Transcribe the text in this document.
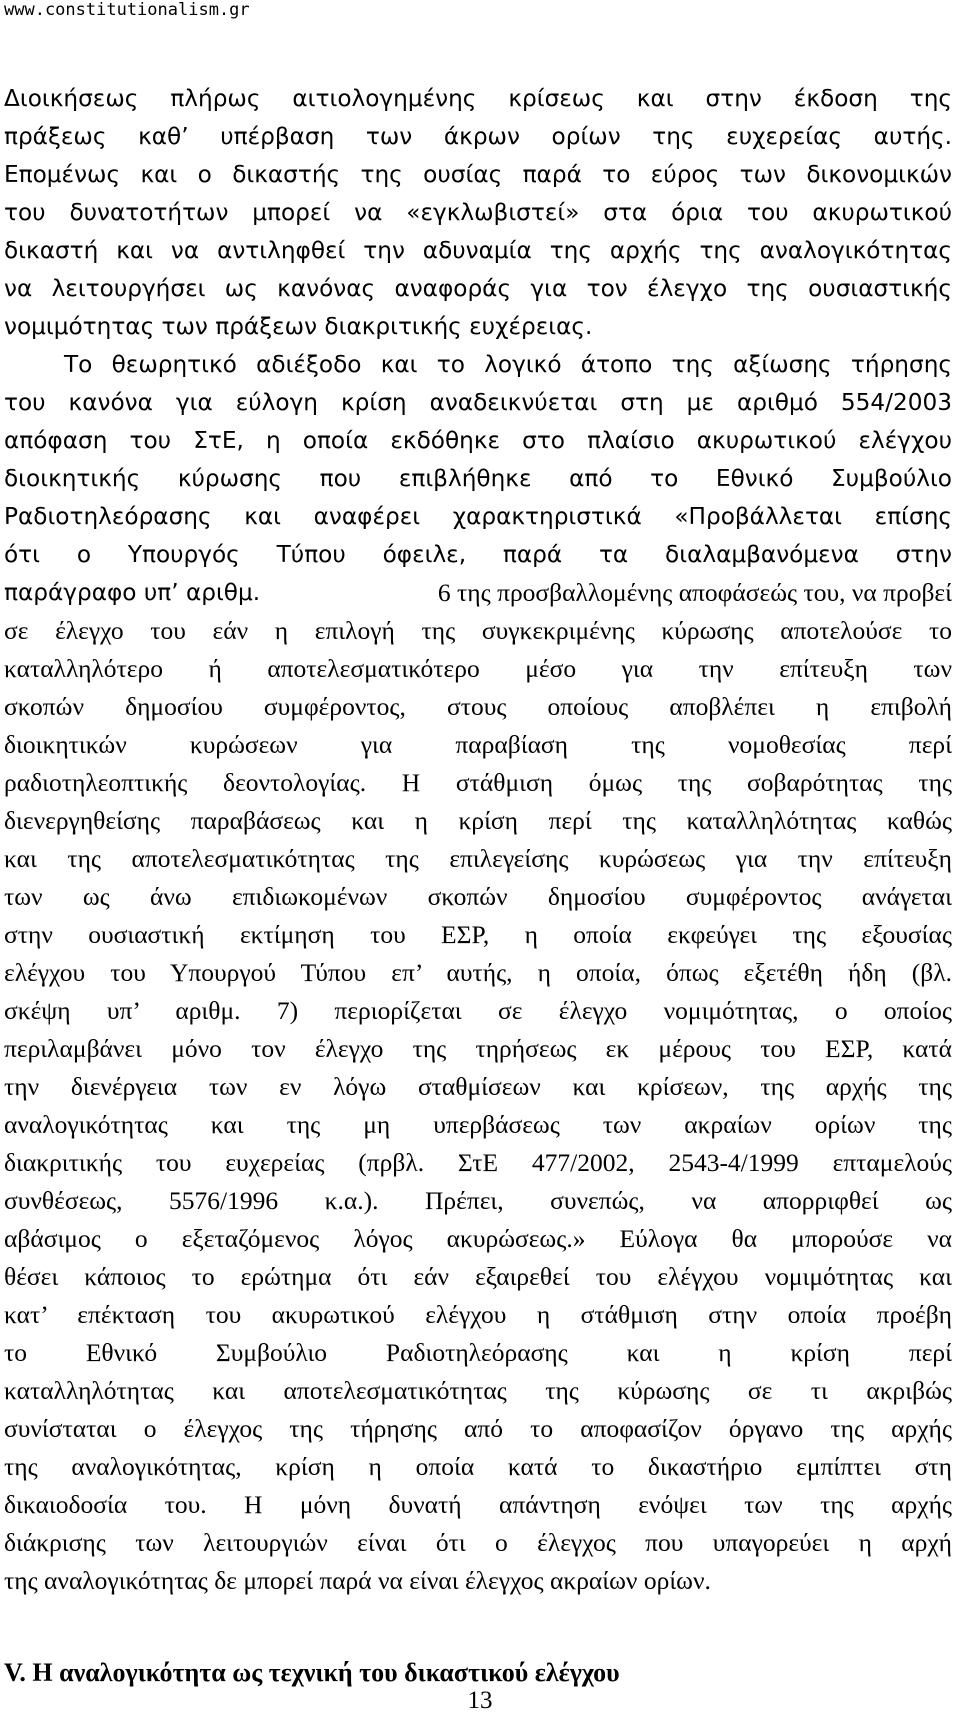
www.constitutionalism.gr
Διοικήσεως πλήρως αιτιολογημένης κρίσεως και στην έκδοση της
πράξεως καθ’ υπέρβαση των άκρων ορίων της ευχερείας αυτής.
Επομένως και ο δικαστής της ουσίας παρά το εύρος των δικονομικών
του δυνατοτήτων μπορεί να «εγκλωβιστεί» στα όρια του ακυρωτικού
δικαστή και να αντιληφθεί την αδυναμία της αρχής της αναλογικότητας
να λειτουργήσει ως κανόνας αναφοράς για τον έλεγχο της ουσιαστικής
νομιμότητας των πράξεων διακριτικής ευχέρειας.
Το θεωρητικό αδιέξοδο και το λογικό άτοπο της αξίωσης τήρησης
του κανόνα για εύλογη κρίση αναδεικνύεται στη με αριθμό 554/2003
απόφαση του ΣτΕ, η οποία εκδόθηκε στο πλαίσιο ακυρωτικού ελέγχου
διοικητικής κύρωσης που επιβλήθηκε από το Εθνικό Συμβούλιο
Ραδιοτηλεόρασης και αναφέρει χαρακτηριστικά «Προβάλλεται επίσης
ότι ο Υπουργός Τύπου όφειλε, παρά τα διαλαμβανόμενα στην
παράγραφο υπ’ αριθμ.	6 της προσβαλλομένης αποφάσεώς του, να προβεί
σε έλεγχο του εάν η επιλογή της συγκεκριμένης κύρωσης αποτελούσε το
καταλληλότερο ή αποτελεσματικότερο μέσο για την επίτευξη των
σκοπών δημοσίου συμφέροντος, στους οποίους αποβλέπει η επιβολή
διοικητικών κυρώσεων για παραβίαση της νομοθεσίας περί
ραδιοτηλεοπτικής δεοντολογίας. Η στάθμιση όμως της σοβαρότητας της
διενεργηθείσης παραβάσεως και η κρίση περί της καταλληλότητας καθώς
και της αποτελεσματικότητας της επιλεγείσης κυρώσεως για την επίτευξη
των ως άνω επιδιωκομένων σκοπών δημοσίου συμφέροντος ανάγεται
στην ουσιαστική εκτίμηση του ΕΣΡ, η οποία εκφεύγει της εξουσίας
ελέγχου του Υπουργού Τύπου επ’ αυτής, η οποία, όπως εξετέθη ήδη (βλ.
σκέψη υπ’ αριθμ. 7) περιορίζεται σε έλεγχο νομιμότητας, ο οποίος
περιλαμβάνει μόνο τον έλεγχο της τηρήσεως εκ μέρους του ΕΣΡ, κατά
την διενέργεια των εν λόγω σταθμίσεων και κρίσεων, της αρχής της
αναλογικότητας και της μη υπερβάσεως των ακραίων ορίων της
διακριτικής του ευχερείας (πρβλ. ΣτΕ 477/2002, 2543-4/1999 επταμελούς
συνθέσεως, 5576/1996 κ.α.). Πρέπει, συνεπώς, να απορριφθεί ως
αβάσιμος ο εξεταζόμενος λόγος ακυρώσεως.» Εύλογα θα μπορούσε να
θέσει κάποιος το ερώτημα ότι εάν εξαιρεθεί του ελέγχου νομιμότητας και
κατ’ επέκταση του ακυρωτικού ελέγχου η στάθμιση στην οποία προέβη
το Εθνικό Συμβούλιο Ραδιοτηλεόρασης και η κρίση περί
καταλληλότητας και αποτελεσματικότητας της κύρωσης σε τι ακριβώς
συνίσταται ο έλεγχος της τήρησης από το αποφασίζον όργανο της αρχής
της αναλογικότητας, κρίση η οποία κατά το δικαστήριο εμπίπτει στη
δικαιοδοσία του. Η μόνη δυνατή απάντηση ενόψει των της αρχής
διάκρισης των λειτουργιών είναι ότι ο έλεγχος που υπαγορεύει η αρχή
της αναλογικότητας δε μπορεί παρά να είναι έλεγχος ακραίων ορίων.
V. Η αναλογικότητα ως τεχνική του δικαστικού ελέγχου
13
